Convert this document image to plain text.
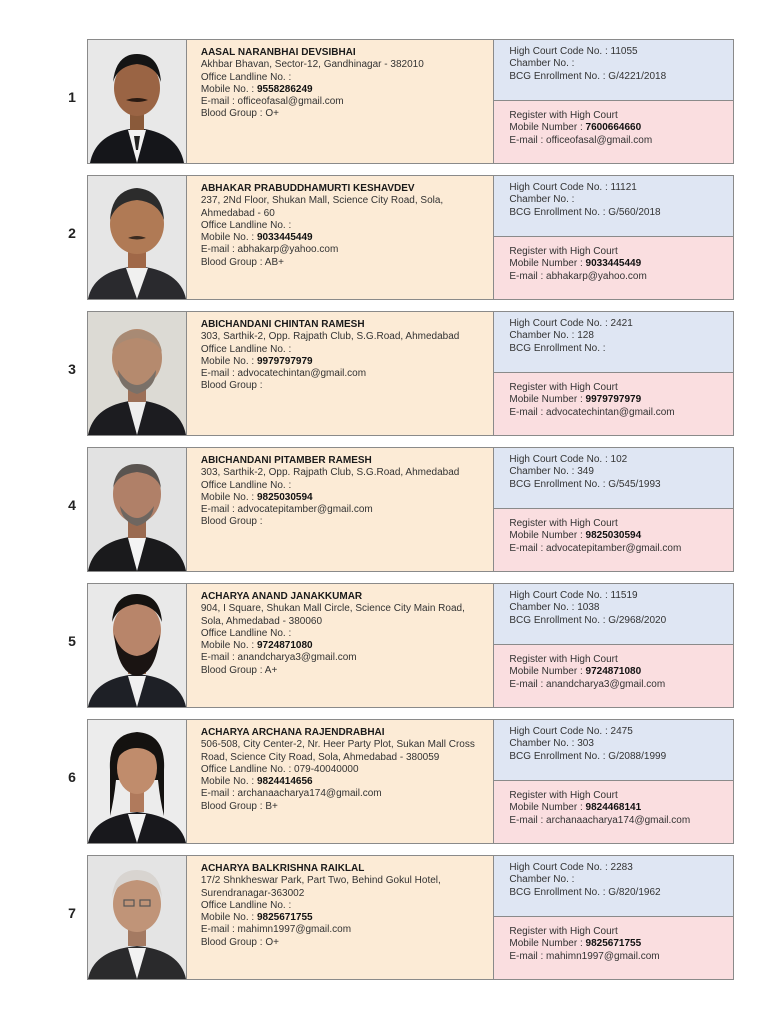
1
AASAL NARANBHAI DEVSIBHAI
Akhbar Bhavan, Sector-12, Gandhinagar - 382010
Office Landline No. :
Mobile No. : 9558286249
E-mail : officeofasal@gmail.com
Blood Group : O+
High Court Code No. : 11055
Chamber No. :
BCG Enrollment No. : G/4221/2018
Register with High Court
Mobile Number : 7600664660
E-mail : officeofasal@gmail.com
2
ABHAKAR PRABUDDHAMURTI KESHAVDEV
237, 2Nd Floor, Shukan Mall, Science City Road, Sola, Ahmedabad - 60
Office Landline No. :
Mobile No. : 9033445449
E-mail : abhakarp@yahoo.com
Blood Group : AB+
High Court Code No. : 11121
Chamber No. :
BCG Enrollment No. : G/560/2018
Register with High Court
Mobile Number : 9033445449
E-mail : abhakarp@yahoo.com
3
ABICHANDANI CHINTAN RAMESH
303, Sarthik-2, Opp. Rajpath Club, S.G.Road, Ahmedabad
Office Landline No. :
Mobile No. : 9979797979
E-mail : advocatechintan@gmail.com
Blood Group :
High Court Code No. : 2421
Chamber No. : 128
BCG Enrollment No. :
Register with High Court
Mobile Number : 9979797979
E-mail : advocatechintan@gmail.com
4
ABICHANDANI PITAMBER RAMESH
303, Sarthik-2, Opp. Rajpath Club, S.G.Road, Ahmedabad
Office Landline No. :
Mobile No. : 9825030594
E-mail : advocatepitamber@gmail.com
Blood Group :
High Court Code No. : 102
Chamber No. : 349
BCG Enrollment No. : G/545/1993
Register with High Court
Mobile Number : 9825030594
E-mail : advocatepitamber@gmail.com
5
ACHARYA ANAND JANAKKUMAR
904, I Square, Shukan Mall Circle, Science City Main Road, Sola, Ahmedabad - 380060
Office Landline No. :
Mobile No. : 9724871080
E-mail : anandcharya3@gmail.com
Blood Group : A+
High Court Code No. : 11519
Chamber No. : 1038
BCG Enrollment No. : G/2968/2020
Register with High Court
Mobile Number : 9724871080
E-mail : anandcharya3@gmail.com
6
ACHARYA ARCHANA RAJENDRABHAI
506-508, City Center-2, Nr. Heer Party Plot, Sukan Mall Cross Road, Science City Road, Sola, Ahmedabad - 380059
Office Landline No. : 079-40040000
Mobile No. : 9824414656
E-mail : archanaacharya174@gmail.com
Blood Group : B+
High Court Code No. : 2475
Chamber No. : 303
BCG Enrollment No. : G/2088/1999
Register with High Court
Mobile Number : 9824468141
E-mail : archanaacharya174@gmail.com
7
ACHARYA BALKRISHNA RAIKLAL
17/2 Shnkheswar Park, Part Two, Behind Gokul Hotel, Surendranagar-363002
Office Landline No. :
Mobile No. : 9825671755
E-mail : mahimn1997@gmail.com
Blood Group : O+
High Court Code No. : 2283
Chamber No. :
BCG Enrollment No. : G/820/1962
Register with High Court
Mobile Number : 9825671755
E-mail : mahimn1997@gmail.com
